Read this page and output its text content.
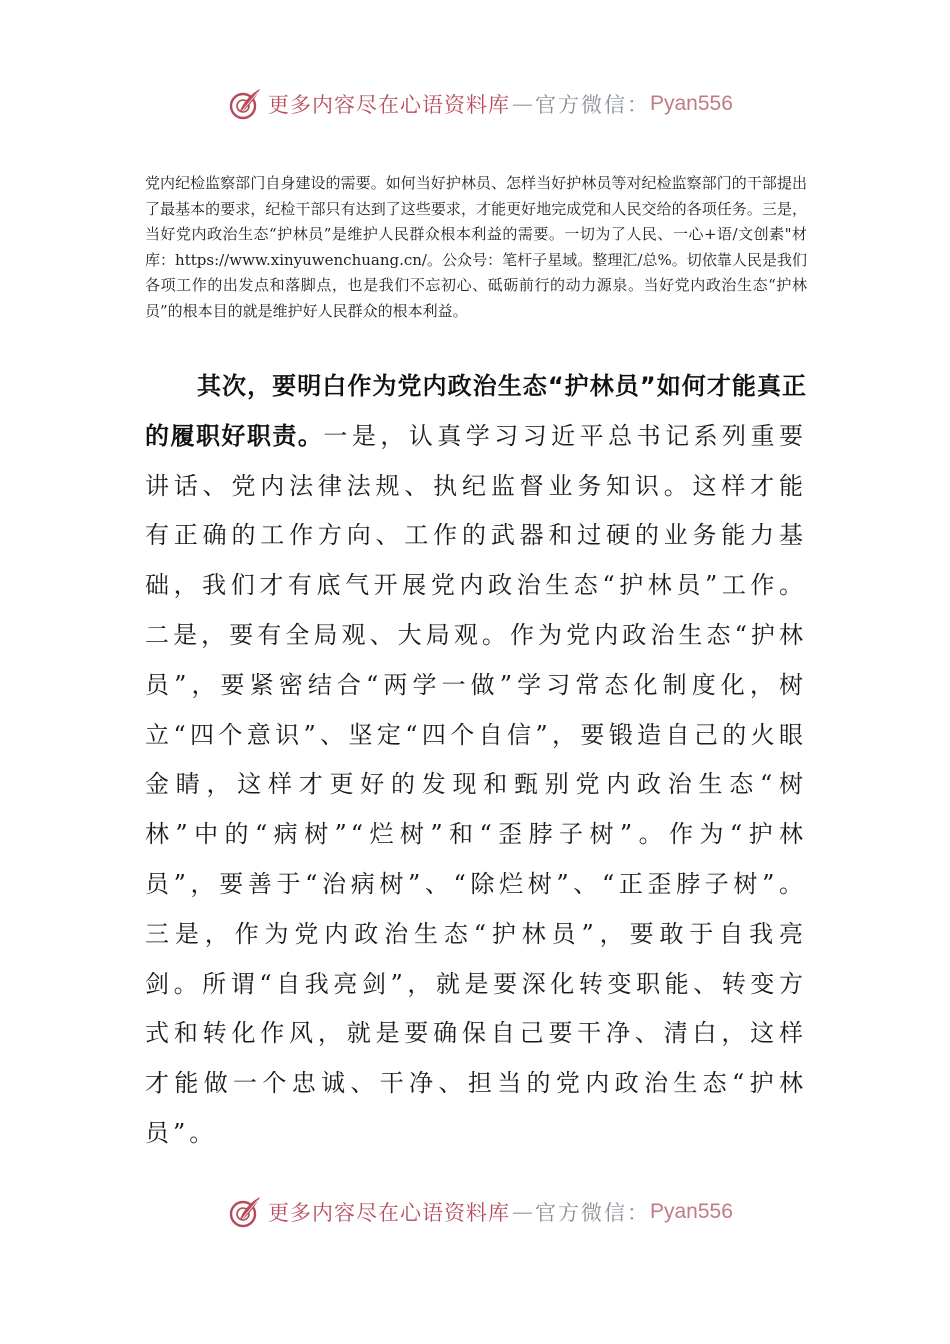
更多内容尽在心语资料库 — 官方微信： Pyan556

党内纪检监察部门自身建设的需要。如何当好护林员、怎样当好护林员等对纪检监察部门的干部提出了最基本的要求，纪检干部只有达到了这些要求，才能更好地完成党和人民交给的各项任务。三是，当好党内政治生态“护林员”是维护人民群众根本利益的需要。一切为了人民、一心+语/文创素"材库：https://www.xinyuwenchuang.cn/。公众号：笔杆子星域。整理汇/总%。切依靠人民是我们各项工作的出发点和落脚点，也是我们不忘初心、砥砺前行的动力源泉。当好党内政治生态“护林员”的根本目的就是维护好人民群众的根本利益。

其次，要明白作为党内政治生态“护林员”如何才能真正的履职好职责。一是，认真学习习近平总书记系列重要讲话、党内法律法规、执纪监督业务知识。这样才能有正确的工作方向、工作的武器和过硬的业务能力基础，我们才有底气开展党内政治生态“护林员”工作。二是，要有全局观、大局观。作为党内政治生态“护林员”，要紧密结合“两学一做”学习常态化制度化，树立“四个意识”、坚定“四个自信”，要锻造自己的火眼金睛，这样才更好的发现和甄别党内政治生态“树林”中的“病树”“烂树”和“歪脖子树”。作为“护林员”，要善于“治病树”、“除烂树”、“正歪脖子树”。三是，作为党内政治生态“护林员”，要敢于自我亮剑。所谓“自我亮剑”，就是要深化转变职能、转变方式和转化作风，就是要确保自己要干净、清白，这样才能做一个忠诚、干净、担当的党内政治生态“护林员”。

更多内容尽在心语资料库 — 官方微信： Pyan556
